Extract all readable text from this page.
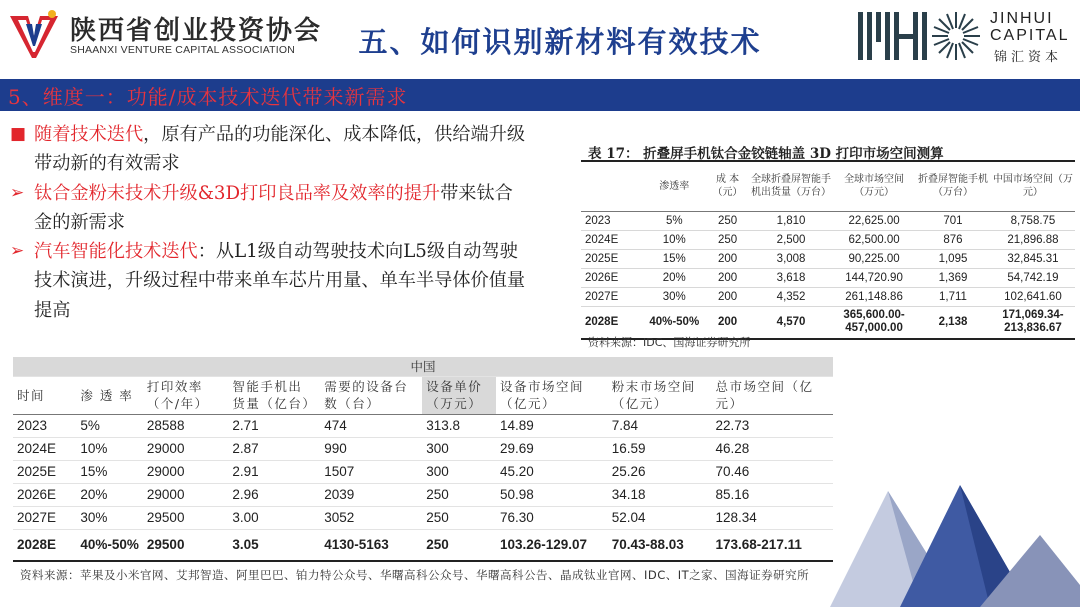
陕西省创业投资协会
SHAANXI VENTURE CAPITAL ASSOCIATION	五、如何识别新材料有效技术
JINHUI
CAPITAL
锦汇资本
5、维度一：功能/成本技术迭代带来新需求
■ 随着技术迭代，原有产品的功能深化、成本降低，供给端升级带动新的有效需求
➢ 钛合金粉末技术升级&3D打印良品率及效率的提升带来钛合金的新需求
➢ 汽车智能化技术迭代：从L1级自动驾驶技术向L5级自动驾驶技术演进，升级过程中带来单车芯片用量、单车半导体价值量提高
表 17： 折叠屏手机钛合金铰链轴盖 3D 打印市场空间测算
	渗透率	成 本（元）	全球折叠屏智能手机出货量（万台）	全球市场空间（万元）	折叠屏智能手机（万台）	中国市场空间（万元）
2023	5%	250	1,810	22,625.00	701	8,758.75
2024E	10%	250	2,500	62,500.00	876	21,896.88
2025E	15%	200	3,008	90,225.00	1,095	32,845.31
2026E	20%	200	3,618	144,720.90	1,369	54,742.19
2027E	30%	200	4,352	261,148.86	1,711	102,641.60
2028E	40%-50%	200	4,570	365,600.00-457,000.00	2,138	171,069.34-213,836.67
资料来源：IDC、国海证券研究所
中国								
时间	渗 透 率	打印效率（个/年）	智能手机出货量（亿台）	需要的设备台数（台）	设备单价（万元）	设备市场空间（亿元）	粉末市场空间（亿元）	总市场空间（亿元）
2023	5%	28588	2.71	474	313.8	14.89	7.84	22.73
2024E	10%	29000	2.87	990	300	29.69	16.59	46.28
2025E	15%	29000	2.91	1507	300	45.20	25.26	70.46
2026E	20%	29000	2.96	2039	250	50.98	34.18	85.16
2027E	30%	29500	3.00	3052	250	76.30	52.04	128.34
2028E	40%-50%	29500	3.05	4130-5163	250	103.26-129.07	70.43-88.03	173.68-217.11
资料来源：苹果及小米官网、艾邦智造、阿里巴巴、铂力特公众号、华曙高科公众号、华曙高科公告、晶成钛业官网、IDC、IT之家、国海证券研究所
